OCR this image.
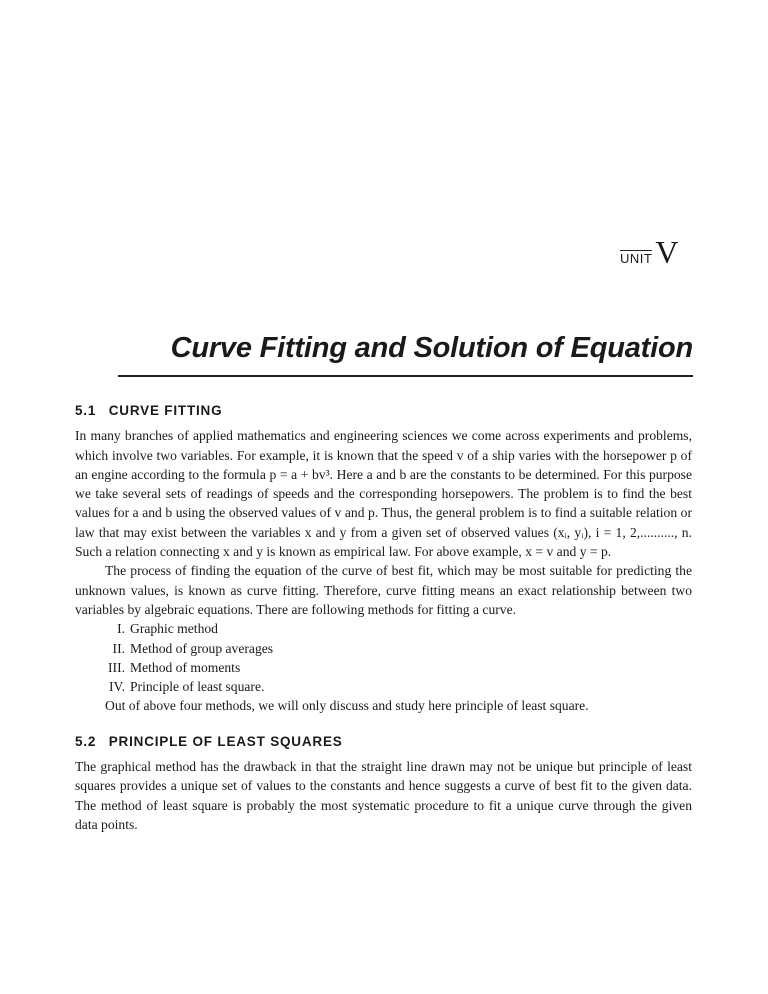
UNIT V
Curve Fitting and Solution of Equation
5.1 CURVE FITTING

In many branches of applied mathematics and engineering sciences we come across experiments and problems, which involve two variables. For example, it is known that the speed v of a ship varies with the horsepower p of an engine according to the formula p = a + bv³. Here a and b are the constants to be determined. For this purpose we take several sets of readings of speeds and the corresponding horsepowers. The problem is to find the best values for a and b using the observed values of v and p. Thus, the general problem is to find a suitable relation or law that may exist between the variables x and y from a given set of observed values (xᵢ, yᵢ), i = 1, 2,.........., n. Such a relation connecting x and y is known as empirical law. For above example, x = v and y = p.

The process of finding the equation of the curve of best fit, which may be most suitable for predicting the unknown values, is known as curve fitting. Therefore, curve fitting means an exact relationship between two variables by algebraic equations. There are following methods for fitting a curve.

I. Graphic method
II. Method of group averages
III. Method of moments
IV. Principle of least square.

Out of above four methods, we will only discuss and study here principle of least square.

5.2 PRINCIPLE OF LEAST SQUARES

The graphical method has the drawback in that the straight line drawn may not be unique but principle of least squares provides a unique set of values to the constants and hence suggests a curve of best fit to the given data. The method of least square is probably the most systematic procedure to fit a unique curve through the given data points.
